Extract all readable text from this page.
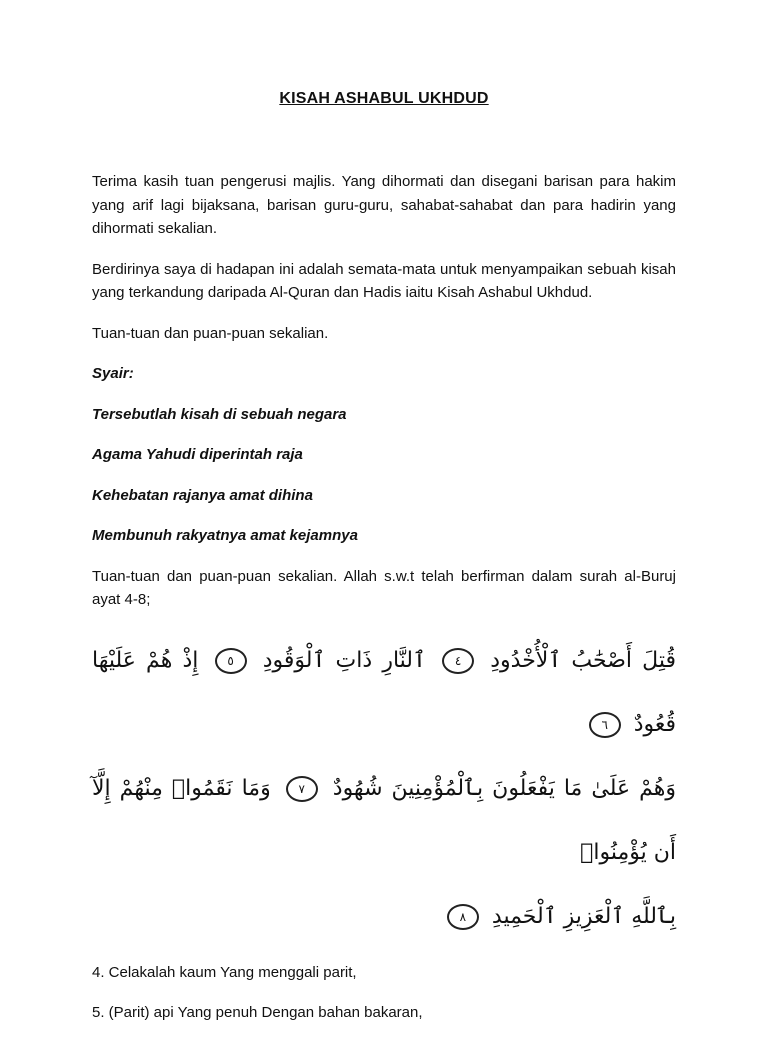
KISAH ASHABUL UKHDUD

Terima kasih tuan pengerusi majlis. Yang dihormati dan disegani barisan para hakim yang arif lagi bijaksana, barisan guru-guru, sahabat-sahabat dan para hadirin yang dihormati sekalian.

Berdirinya saya di hadapan ini adalah semata-mata untuk menyampaikan sebuah kisah yang terkandung daripada Al-Quran dan Hadis iaitu Kisah Ashabul Ukhdud.

Tuan-tuan dan puan-puan sekalian.

Syair:

Tersebutlah kisah di sebuah negara

Agama Yahudi diperintah raja

Kehebatan rajanya amat dihina

Membunuh rakyatnya amat kejamnya

Tuan-tuan dan puan-puan sekalian. Allah s.w.t telah berfirman dalam surah al-Buruj ayat 4-8;

قُتِلَ أَصْحَٰبُ ٱلْأُخْدُودِ ٤ ٱلنَّارِ ذَاتِ ٱلْوَقُودِ ٥ إِذْ هُمْ عَلَيْهَا قُعُودٌ ٦
وَهُمْ عَلَىٰ مَا يَفْعَلُونَ بِٱلْمُؤْمِنِينَ شُهُودٌ ٧ وَمَا نَقَمُوا۟ مِنْهُمْ إِلَّآ أَن يُؤْمِنُوا۟
بِٱللَّهِ ٱلْعَزِيزِ ٱلْحَمِيدِ ٨

4. Celakalah kaum Yang menggali parit,

5. (Parit) api Yang penuh Dengan bahan bakaran,
